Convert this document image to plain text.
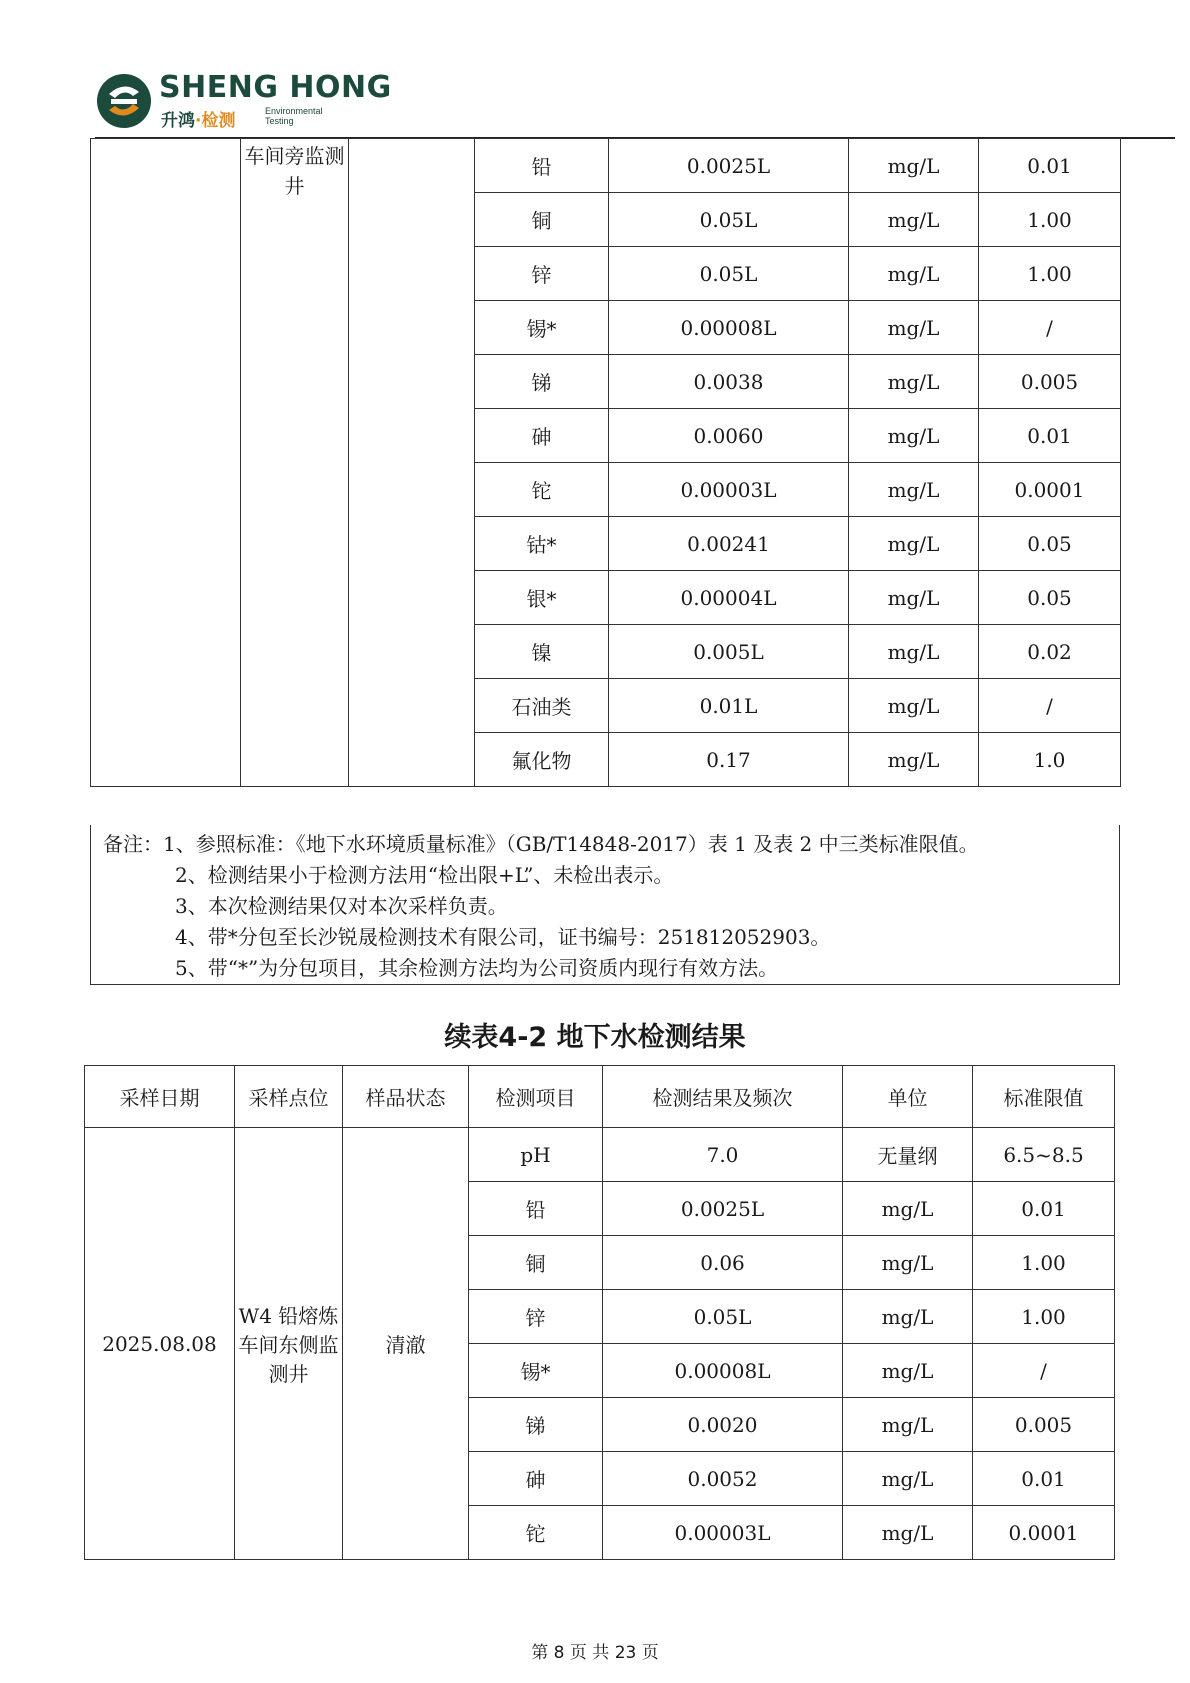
SHENG HONG
升鸿·检测	Environmental
Testing
	车间旁监测井		铅	0.0025L	mg/L	0.01
			铜	0.05L	mg/L	1.00
			锌	0.05L	mg/L	1.00
			锡*	0.00008L	mg/L	/
			锑	0.0038	mg/L	0.005
			砷	0.0060	mg/L	0.01
			铊	0.00003L	mg/L	0.0001
			钴*	0.00241	mg/L	0.05
			银*	0.00004L	mg/L	0.05
			镍	0.005L	mg/L	0.02
			石油类	0.01L	mg/L	/
			氟化物	0.17	mg/L	1.0
备注：1、参照标准：《地下水环境质量标准》（GB/T14848-2017）表 1 及表 2 中三类标准限值。
2、检测结果小于检测方法用“检出限+L”、未检出表示。
3、本次检测结果仅对本次采样负责。
4、带*分包至长沙锐晟检测技术有限公司，证书编号：251812052903。
5、带“*”为分包项目，其余检测方法均为公司资质内现行有效方法。
续表4-2 地下水检测结果
采样日期	采样点位	样品状态	检测项目	检测结果及频次	单位	标准限值
2025.08.08	W4 铅熔炼车间东侧监测井	清澈	pH	7.0	无量纲	6.5~8.5
			铅	0.0025L	mg/L	0.01
			铜	0.06	mg/L	1.00
			锌	0.05L	mg/L	1.00
			锡*	0.00008L	mg/L	/
			锑	0.0020	mg/L	0.005
			砷	0.0052	mg/L	0.01
			铊	0.00003L	mg/L	0.0001
第 8 页 共 23 页
